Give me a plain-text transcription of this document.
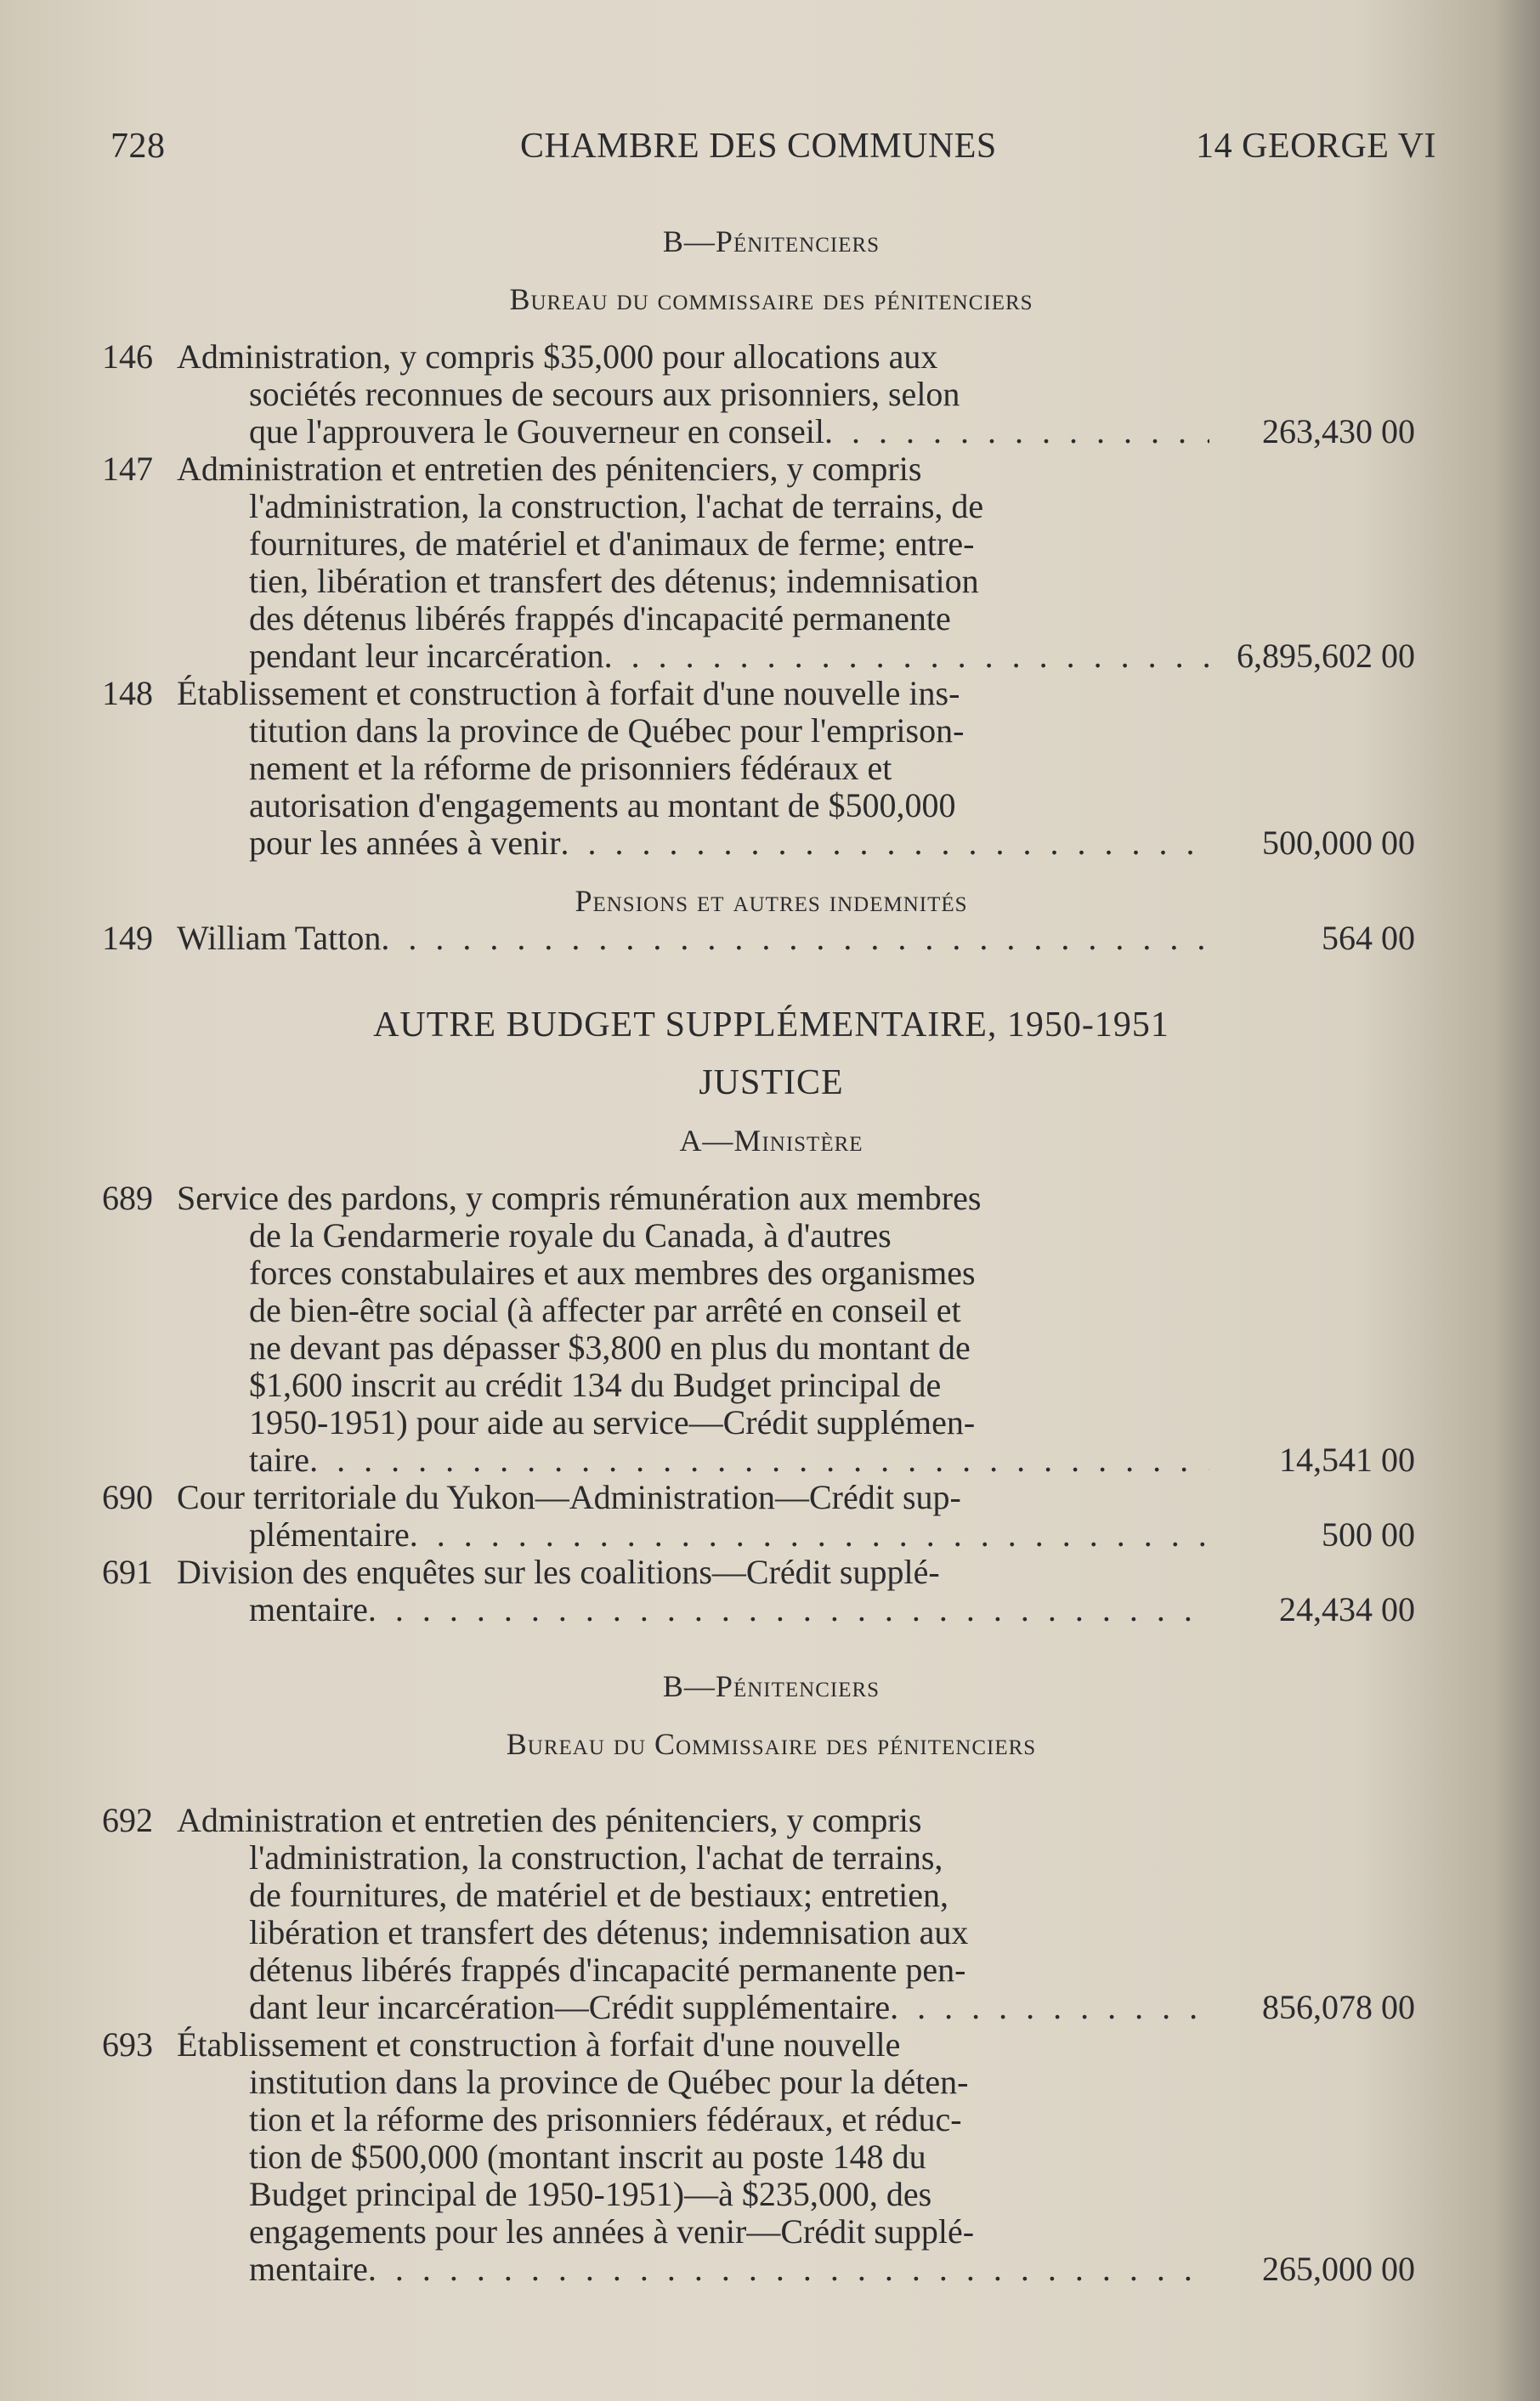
728	CHAMBRE DES COMMUNES	14 GEORGE VI
B—Pénitenciers
Bureau du commissaire des pénitenciers
146 Administration, y compris $35,000 pour allocations aux
sociétés reconnues de secours aux prisonniers, selon
que l'approuvera le Gouverneur en conseil . . .	263,430 00
147 Administration et entretien des pénitenciers, y compris
l'administration, la construction, l'achat de terrains, de
fournitures, de matériel et d'animaux de ferme; entre-
tien, libération et transfert des détenus; indemnisation
des détenus libérés frappés d'incapacité permanente
pendant leur incarcération . . .	6,895,602 00
148 Établissement et construction à forfait d'une nouvelle ins-
titution dans la province de Québec pour l'emprison-
nement et la réforme de prisonniers fédéraux et
autorisation d'engagements au montant de $500,000
pour les années à venir . . .	500,000 00
Pensions et autres indemnités
149 William Tatton . . .	564 00
AUTRE BUDGET SUPPLÉMENTAIRE, 1950-1951
JUSTICE
A—Ministère
689 Service des pardons, y compris rémunération aux membres
de la Gendarmerie royale du Canada, à d'autres
forces constabulaires et aux membres des organismes
de bien-être social (à affecter par arrêté en conseil et
ne devant pas dépasser $3,800 en plus du montant de
$1,600 inscrit au crédit 134 du Budget principal de
1950-1951) pour aide au service—Crédit supplémen-
taire . . .	14,541 00
690 Cour territoriale du Yukon—Administration—Crédit sup-
plémentaire . . .	500 00
691 Division des enquêtes sur les coalitions—Crédit supplé-
mentaire . . .	24,434 00
B—Pénitenciers
Bureau du Commissaire des pénitenciers
692 Administration et entretien des pénitenciers, y compris
l'administration, la construction, l'achat de terrains,
de fournitures, de matériel et de bestiaux; entretien,
libération et transfert des détenus; indemnisation aux
détenus libérés frappés d'incapacité permanente pen-
dant leur incarcération—Crédit supplémentaire . . .	856,078 00
693 Établissement et construction à forfait d'une nouvelle
institution dans la province de Québec pour la déten-
tion et la réforme des prisonniers fédéraux, et réduc-
tion de $500,000 (montant inscrit au poste 148 du
Budget principal de 1950-1951)—à $235,000, des
engagements pour les années à venir—Crédit supplé-
mentaire . . .	265,000 00
